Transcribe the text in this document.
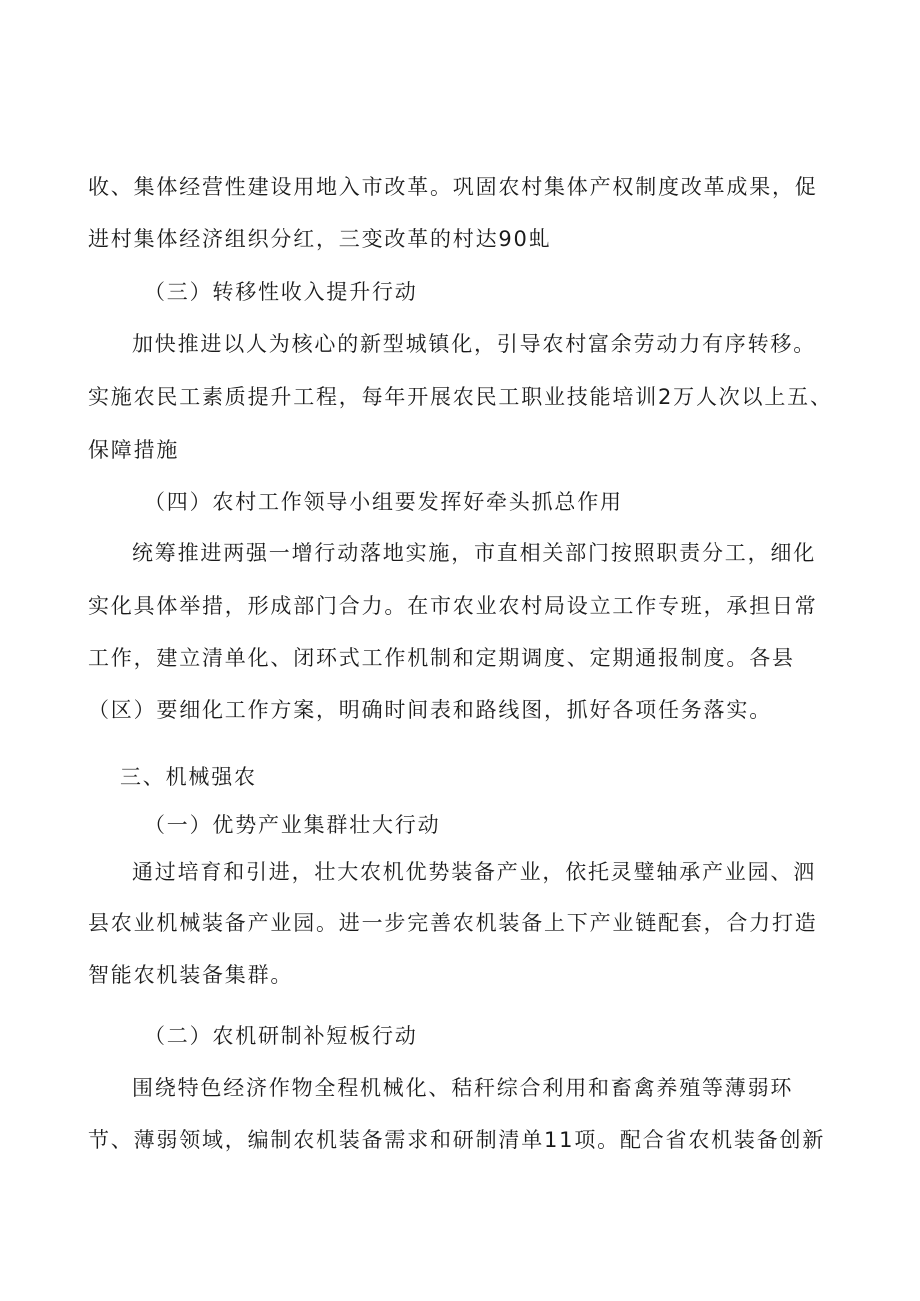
收、集体经营性建设用地入市改革。巩固农村集体产权制度改革成果，促
进村集体经济组织分红，三变改革的村达90虬
（三）转移性收入提升行动
加快推进以人为核心的新型城镇化，引导农村富余劳动力有序转移。
实施农民工素质提升工程，每年开展农民工职业技能培训2万人次以上五、
保障措施
（四）农村工作领导小组要发挥好牵头抓总作用
统筹推进两强一增行动落地实施，市直相关部门按照职责分工，细化
实化具体举措，形成部门合力。在市农业农村局设立工作专班，承担日常
工作，建立清单化、闭环式工作机制和定期调度、定期通报制度。各县
（区）要细化工作方案，明确时间表和路线图，抓好各项任务落实。
三、机械强农
（一）优势产业集群壮大行动
通过培育和引进，壮大农机优势装备产业，依托灵璧轴承产业园、泗
县农业机械装备产业园。进一步完善农机装备上下产业链配套，合力打造
智能农机装备集群。
（二）农机研制补短板行动
围绕特色经济作物全程机械化、秸秆综合利用和畜禽养殖等薄弱环
节、薄弱领域，编制农机装备需求和研制清单11项。配合省农机装备创新
